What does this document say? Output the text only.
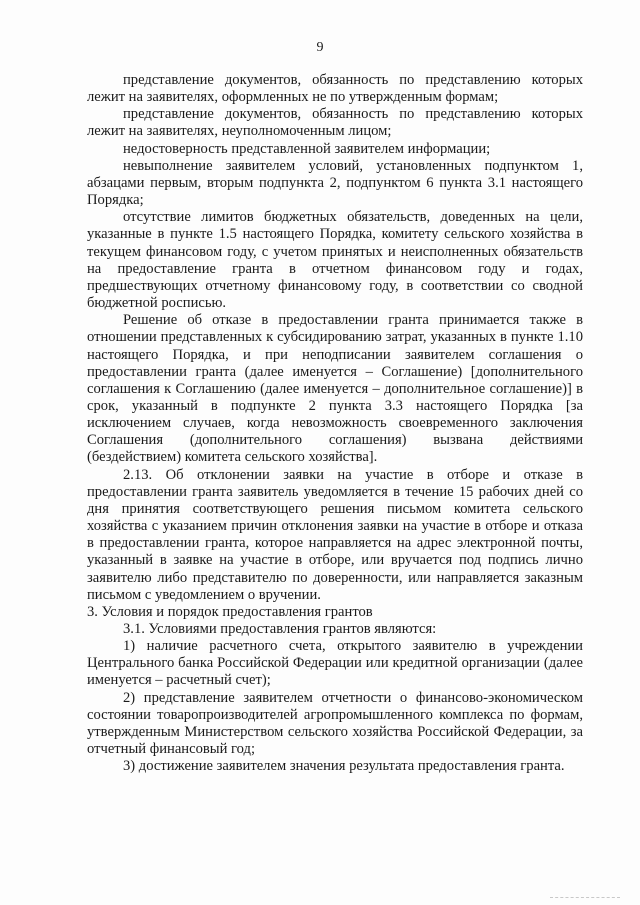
9

представление документов, обязанность по представлению которых лежит на заявителях, оформленных не по утвержденным формам;

представление документов, обязанность по представлению которых лежит на заявителях, неуполномоченным лицом;

недостоверность представленной заявителем информации;

невыполнение заявителем условий, установленных подпунктом 1, абзацами первым, вторым подпункта 2, подпунктом 6 пункта 3.1 настоящего Порядка;

отсутствие лимитов бюджетных обязательств, доведенных на цели, указанные в пункте 1.5 настоящего Порядка, комитету сельского хозяйства в текущем финансовом году, с учетом принятых и неисполненных обязательств на предоставление гранта в отчетном финансовом году и годах, предшествующих отчетному финансовому году, в соответствии со сводной бюджетной росписью.

Решение об отказе в предоставлении гранта принимается также в отношении представленных к субсидированию затрат, указанных в пункте 1.10 настоящего Порядка, и при неподписании заявителем соглашения о предоставлении гранта (далее именуется – Соглашение) [дополнительного соглашения к Соглашению (далее именуется – дополнительное соглашение)] в срок, указанный в подпункте 2 пункта 3.3 настоящего Порядка [за исключением случаев, когда невозможность своевременного заключения Соглашения (дополнительного соглашения) вызвана действиями (бездействием) комитета сельского хозяйства].

2.13. Об отклонении заявки на участие в отборе и отказе в предоставлении гранта заявитель уведомляется в течение 15 рабочих дней со дня принятия соответствующего решения письмом комитета сельского хозяйства с указанием причин отклонения заявки на участие в отборе и отказа в предоставлении гранта, которое направляется на адрес электронной почты, указанный в заявке на участие в отборе, или вручается под подпись лично заявителю либо представителю по доверенности, или направляется заказным письмом с уведомлением о вручении.

3. Условия и порядок предоставления грантов

3.1. Условиями предоставления грантов являются:

1) наличие расчетного счета, открытого заявителю в учреждении Центрального банка Российской Федерации или кредитной организации (далее именуется – расчетный счет);

2) представление заявителем отчетности о финансово-экономическом состоянии товаропроизводителей агропромышленного комплекса по формам, утвержденным Министерством сельского хозяйства Российской Федерации, за отчетный финансовый год;

3) достижение заявителем значения результата предоставления гранта.
